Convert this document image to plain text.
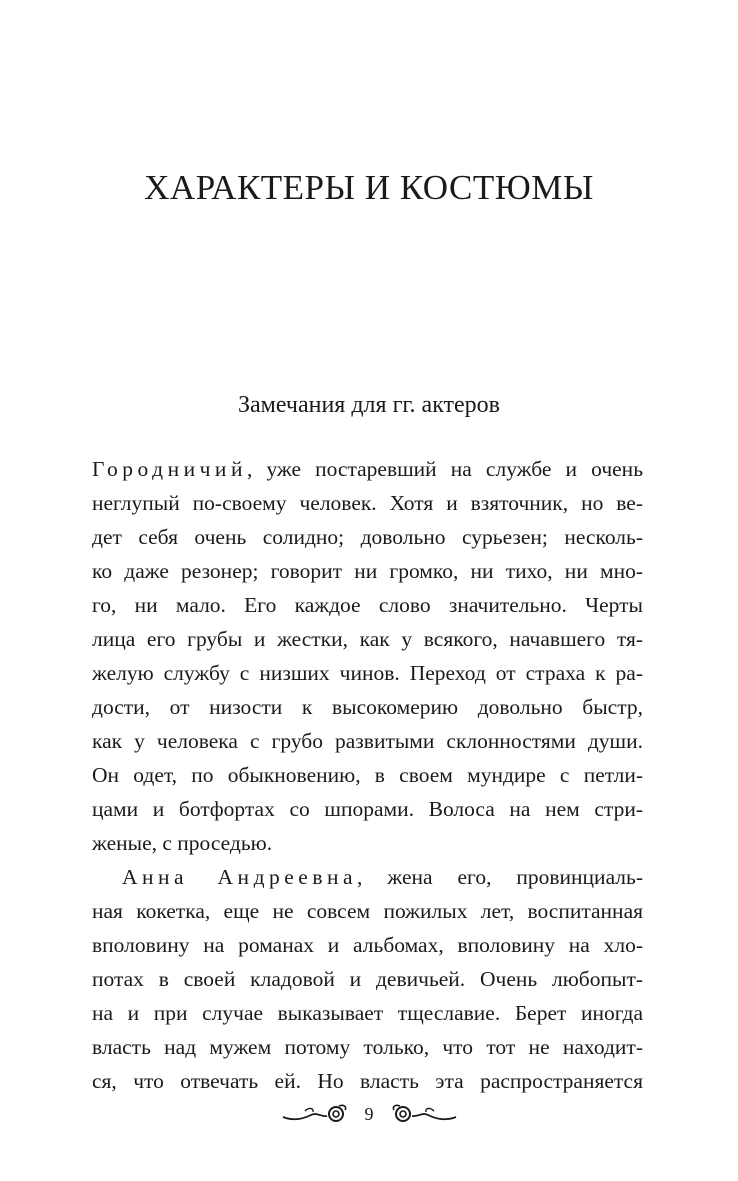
ХАРАКТЕРЫ И КОСТЮМЫ
Замечания для гг. актеров

Городничий, уже постаревший на службе и очень
неглупый по-своему человек. Хотя и взяточник, но ве-
дет себя очень солидно; довольно сурьезен; несколь-
ко даже резонер; говорит ни громко, ни тихо, ни мно-
го, ни мало. Его каждое слово значительно. Черты
лица его грубы и жестки, как у всякого, начавшего тя-
желую службу с низших чинов. Переход от страха к ра-
дости, от низости к высокомерию довольно быстр,
как у человека с грубо развитыми склонностями души.
Он одет, по обыкновению, в своем мундире с петли-
цами и ботфортах со шпорами. Волоса на нем стри-
женые, с проседью.

Анна Андреевна, жена его, провинциаль-
ная кокетка, еще не совсем пожилых лет, воспитанная
вполовину на романах и альбомах, вполовину на хло-
потах в своей кладовой и девичьей. Очень любопыт-
на и при случае выказывает тщеславие. Берет иногда
власть над мужем потому только, что тот не находит-
ся, что отвечать ей. Но власть эта распространяется

9
